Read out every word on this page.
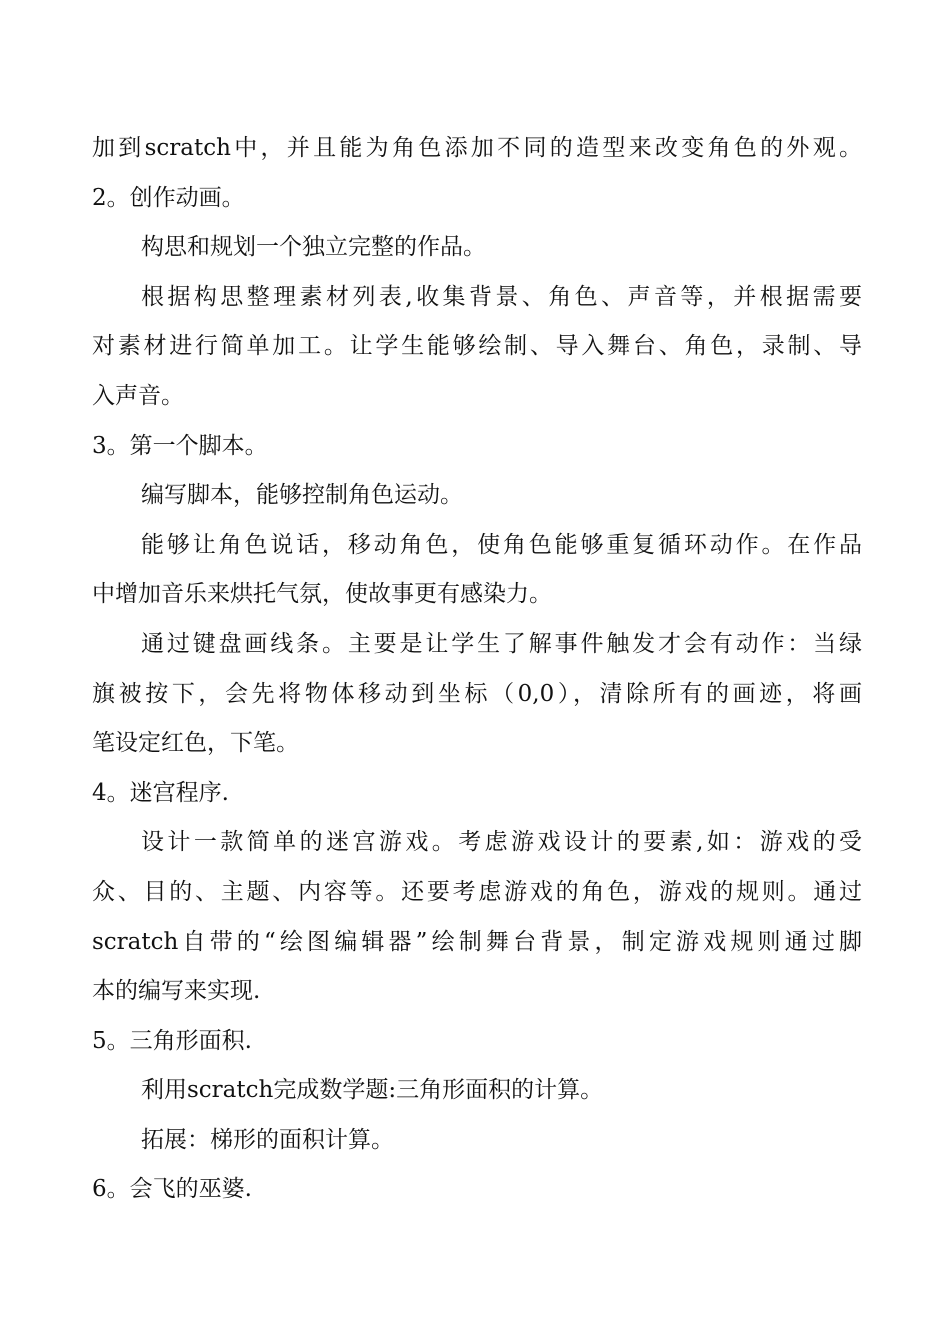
加到scratch中，并且能为角色添加不同的造型来改变角色的外观。
2。创作动画。
构思和规划一个独立完整的作品。
根据构思整理素材列表,收集背景、角色、声音等，并根据需要
对素材进行简单加工。让学生能够绘制、导入舞台、角色，录制、导
入声音。
3。第一个脚本。
编写脚本，能够控制角色运动。
能够让角色说话，移动角色，使角色能够重复循环动作。在作品
中增加音乐来烘托气氛，使故事更有感染力。
通过键盘画线条。主要是让学生了解事件触发才会有动作：当绿
旗被按下，会先将物体移动到坐标（0,0），清除所有的画迹，将画
笔设定红色，下笔。
4。迷宫程序.
设计一款简单的迷宫游戏。考虑游戏设计的要素,如：游戏的受
众、目的、主题、内容等。还要考虑游戏的角色，游戏的规则。通过
scratch自带的“绘图编辑器”绘制舞台背景，制定游戏规则通过脚
本的编写来实现.
5。三角形面积.
利用scratch完成数学题:三角形面积的计算。
拓展：梯形的面积计算。
6。会飞的巫婆.
